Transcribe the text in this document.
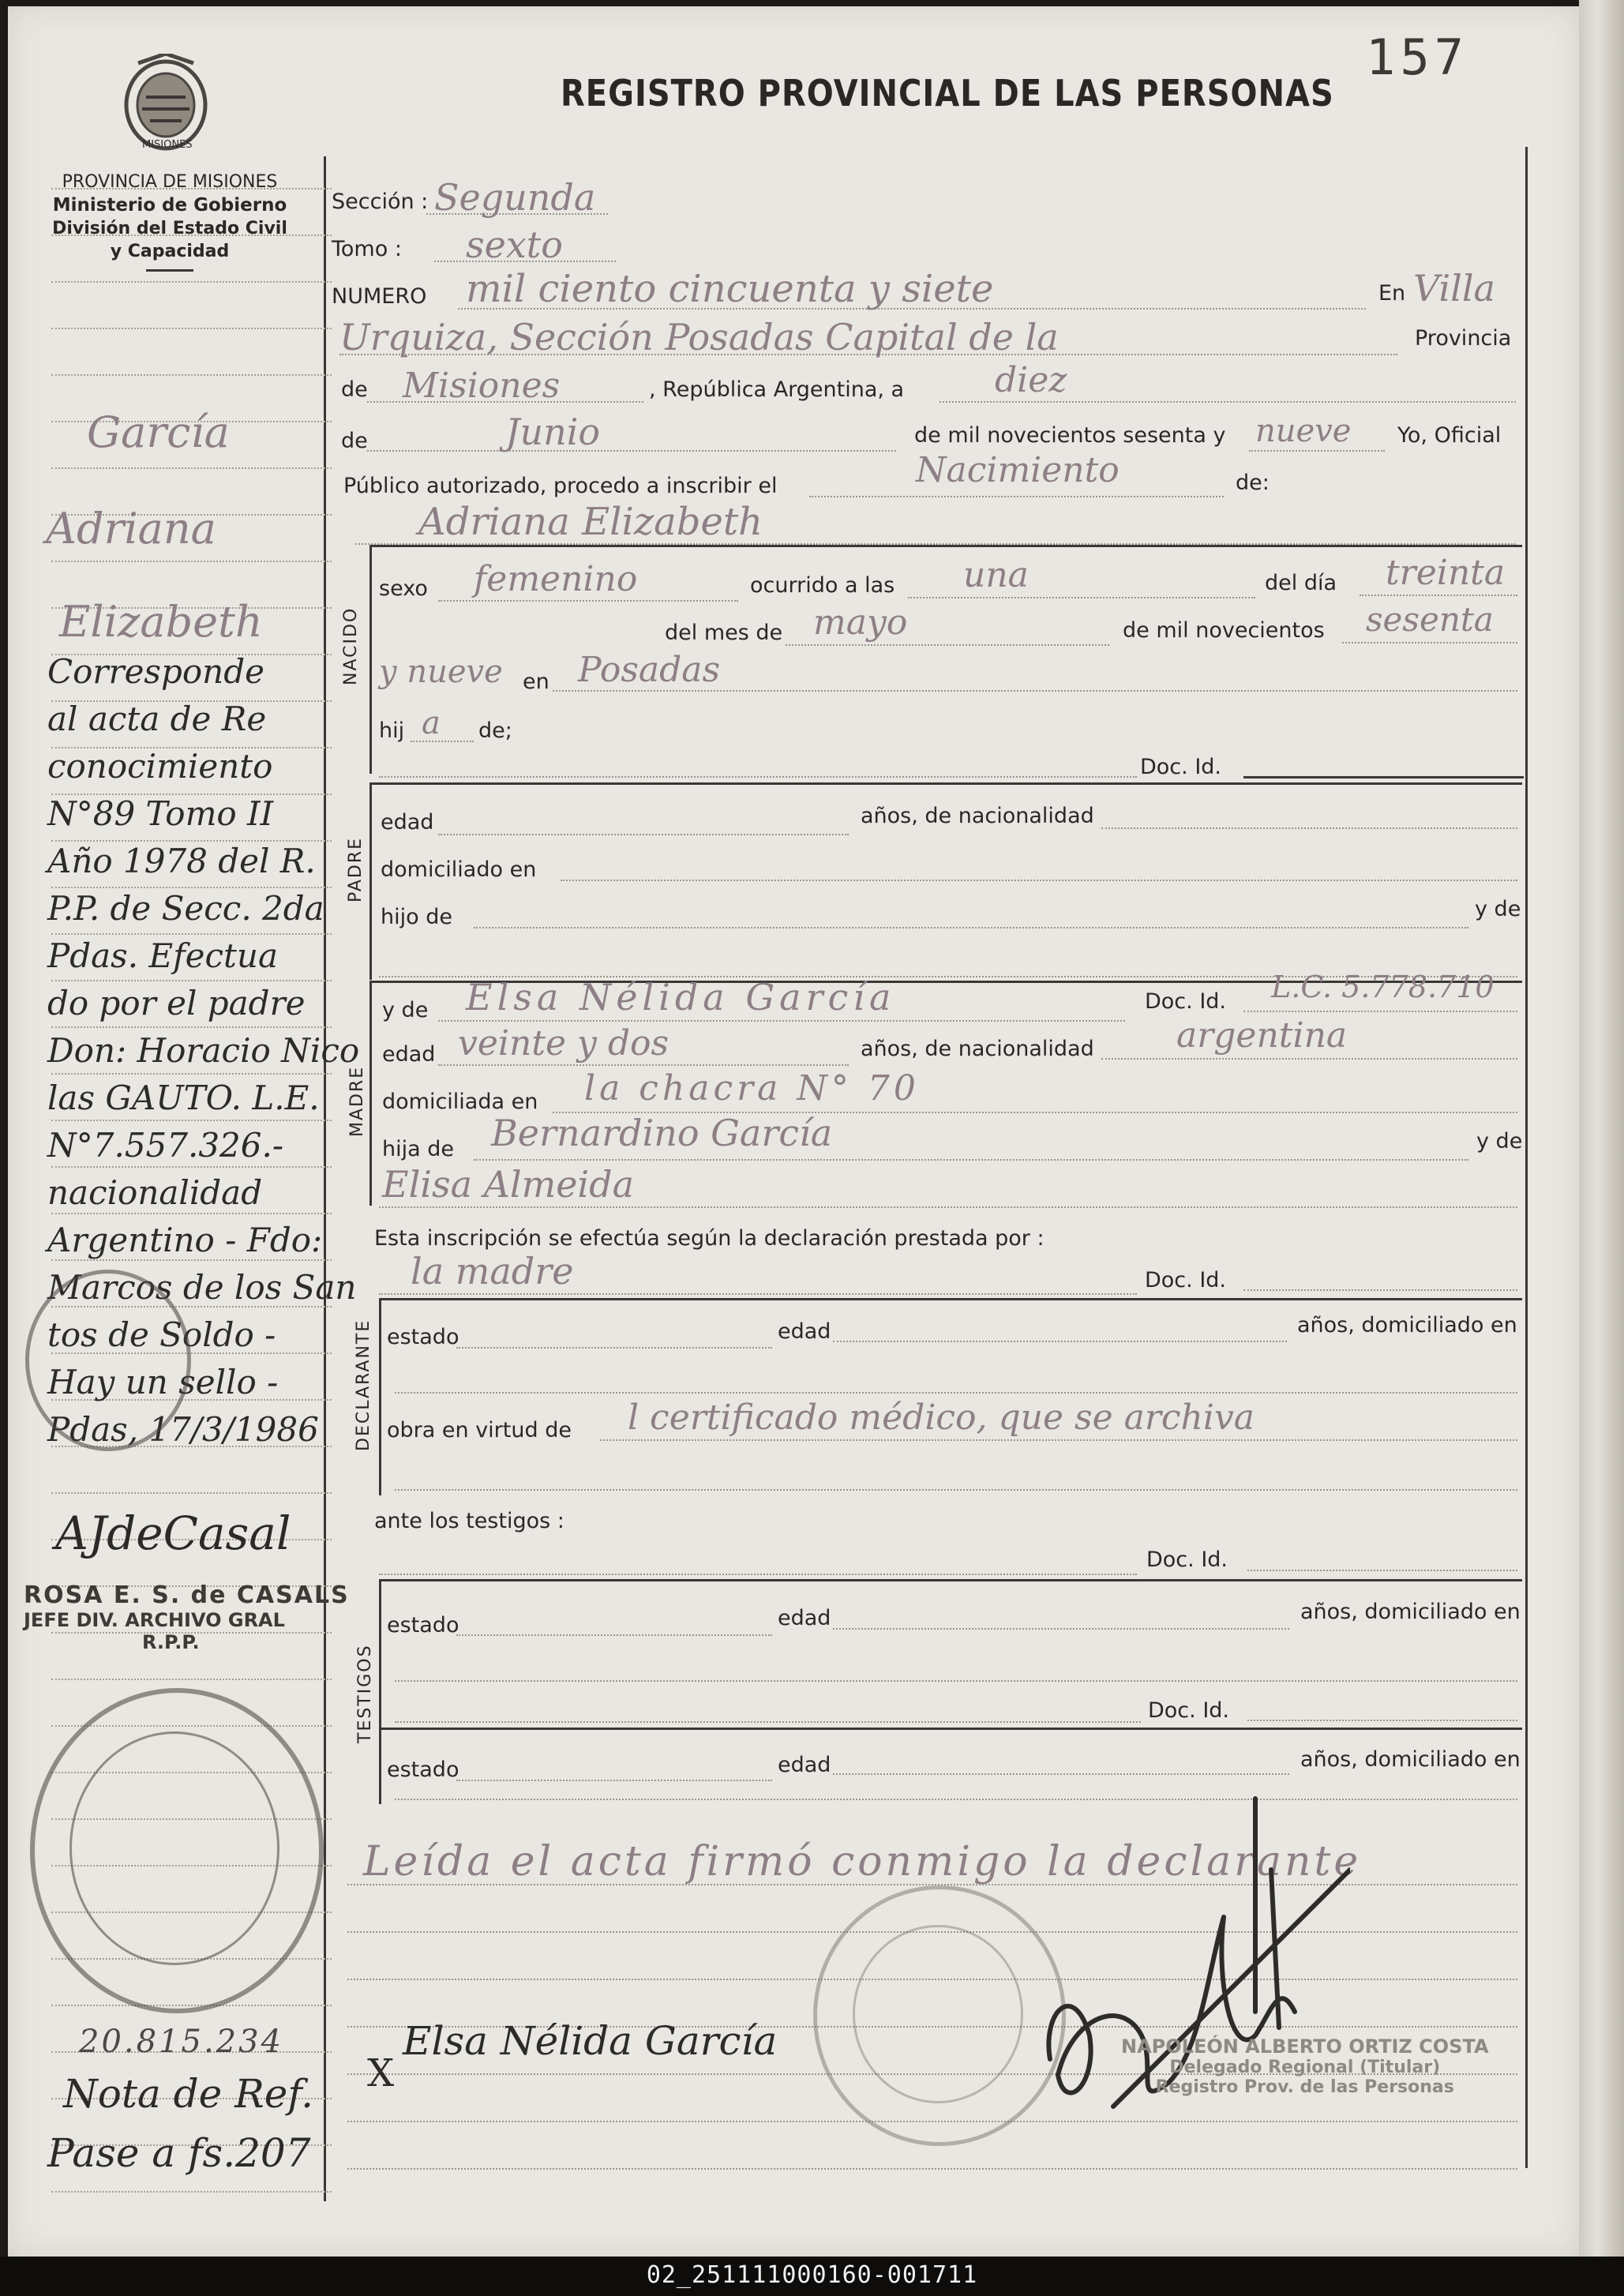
MISIONES
PROVINCIA DE MISIONES
Ministerio de Gobierno
División del Estado Civil
y Capacidad
REGISTRO PROVINCIAL DE LAS PERSONAS
157
García
Adriana
Elizabeth
Corresponde
al acta de Re
conocimiento
N°89 Tomo II
Año 1978 del R.
P.P. de Secc. 2da
Pdas. Efectua
do por el padre
Don: Horacio Nico
las GAUTO. L.E.
N°7.557.326.-
nacionalidad
Argentino - Fdo:
Marcos de los San
tos de Soldo -
Hay un sello -
Pdas, 17/3/1986
AJdeCasal
ROSA E. S. de CASALS
JEFE DIV. ARCHIVO GRAL
R.P.P.
20.815.234
Nota de Ref.
Pase a fs.207
Sección : Segunda
Tomo : sexto
NUMERO mil ciento cincuenta y siete	En Villa
Urquiza, Sección Posadas Capital de la	Provincia
de Misiones	, República Argentina, a	diez
de	Junio	de mil novecientos sesenta y nueve Yo, Oficial
Público autorizado, procedo a inscribir el	Nacimiento	de:
Adriana Elizabeth
NACIDO
sexo femenino	ocurrido a las una	del día treinta
del mes de mayo	de mil novecientos sesenta
y nueve en Posadas
hij a de;
Doc. Id.
PADRE
edad	años, de nacionalidad
domiciliado en
hijo de	y de
MADRE
y de Elsa Nélida García	Doc. Id. L.C. 5.778.710
edad veinte y dos	años, de nacionalidad argentina
domiciliada en la chacra N° 70
hija de Bernardino García	y de
Elisa Almeida
Esta inscripción se efectúa según la declaración prestada por :
la madre	Doc. Id.
DECLARANTE estado	edad	años, domiciliado en
obra en virtud de l certificado médico, que se archiva
ante los testigos :
Doc. Id.
TESTIGOS
estado	edad	años, domiciliado en
Doc. Id.
estado	edad	años, domiciliado en
Leída el acta firmó conmigo la declarante
X
Elsa Nélida García	NAPOLEÓN ALBERTO ORTIZ COSTA
Delegado Regional (Titular)
Registro Prov. de las Personas
02_251111000160-001711
